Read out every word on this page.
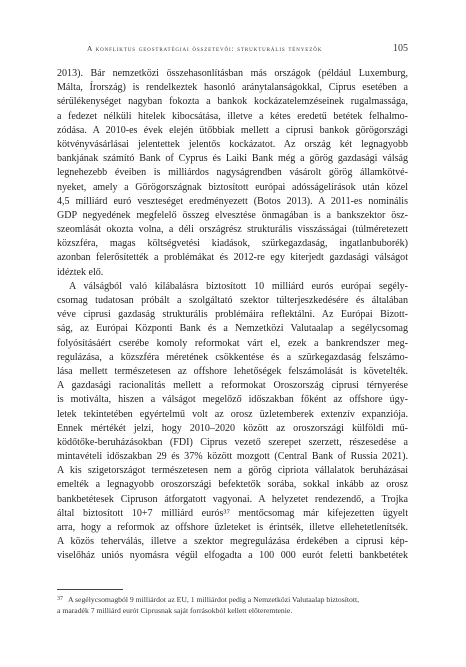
A konfliktus geostratégiai összetevői: strukturális tényezők	105
2013). Bár nemzetközi összehasonlításban más országok (például Luxemburg,
Málta, Írország) is rendelkeztek hasonló aránytalanságokkal, Ciprus esetében a
sérülékenységet nagyban fokozta a bankok kockázatelemzéseinek rugalmassága,
a fedezet nélküli hitelek kibocsátása, illetve a kétes eredetű betétek felhalmo-
zódása. A 2010-es évek elején ütőbbiak mellett a ciprusi bankok görögországi
kötvényvásárlásai jelentettek jelentős kockázatot. Az ország két legnagyobb
bankjának számító Bank of Cyprus és Laiki Bank még a görög gazdasági válság
legnehezebb éveiben is milliárdos nagyságrendben vásárolt görög államkötvé-
nyeket, amely a Görögországnak biztosított európai adósságelírások után közel
4,5 milliárd euró veszteséget eredményezett (Botos 2013). A 2011-es nominális
GDP negyedének megfelelő összeg elvesztése önmagában is a bankszektor ösz-
szeomlását okozta volna, a déli országrész strukturális visszásságai (túlméretezett
közszféra, magas költségvetési kiadások, szürkegazdaság, ingatlanbuborék)
azonban felerősítették a problémákat és 2012-re egy kiterjedt gazdasági válságot
idéztek elő.
A válságból való kilábalásra biztosított 10 milliárd eurós európai segély-
csomag tudatosan próbált a szolgáltató szektor túlterjeszkedésére és általában
véve ciprusi gazdaság strukturális problémáira reflektálni. Az Európai Bizott-
ság, az Európai Központi Bank és a Nemzetközi Valutaalap a segélycsomag
folyósításáért cserébe komoly reformokat várt el, ezek a bankrendszer meg-
regulázása, a közszféra méretének csökkentése és a szürkegazdaság felszámo-
lása mellett természetesen az offshore lehetőségek felszámolását is követelték.
A gazdasági racionalitás mellett a reformokat Oroszország ciprusi térnyerése
is motiválta, hiszen a válságot megelőző időszakban főként az offshore úgy-
letek tekintetében egyértelmű volt az orosz üzletemberek extenzív expanziója.
Ennek mértékét jelzi, hogy 2010–2020 között az oroszországi külföldi mű-
ködőtőke-beruházásokban (FDI) Ciprus vezető szerepet szerzett, részesedése a
mintavételi időszakban 29 és 37% között mozgott (Central Bank of Russia 2021).
A kis szigetországot természetesen nem a görög cipriota vállalatok beruházásai
emelték a legnagyobb oroszországi befektetők sorába, sokkal inkább az orosz
bankbetétesek Cipruson átforgatott vagyonai. A helyzetet rendezendő, a Trojka
által biztosított 10+7 milliárd eurós³⁷ mentőcsomag már kifejezetten ügyelt
arra, hogy a reformok az offshore üzleteket is érintsék, illetve ellehetetlenítsék.
A közös teherválás, illetve a szektor megregulázása érdekében a ciprusi kép-
viselőház uniós nyomásra végül elfogadta a 100 000 eurót feletti bankbetétek
$^{37}$ A segélycsomagból 9 milliárdot az EU, 1 milliárdot pedig a Nemzetközi Valutaalap biztosított,
a maradék 7 milliárd eurót Ciprusnak saját forrásokból kellett előteremtenie.
